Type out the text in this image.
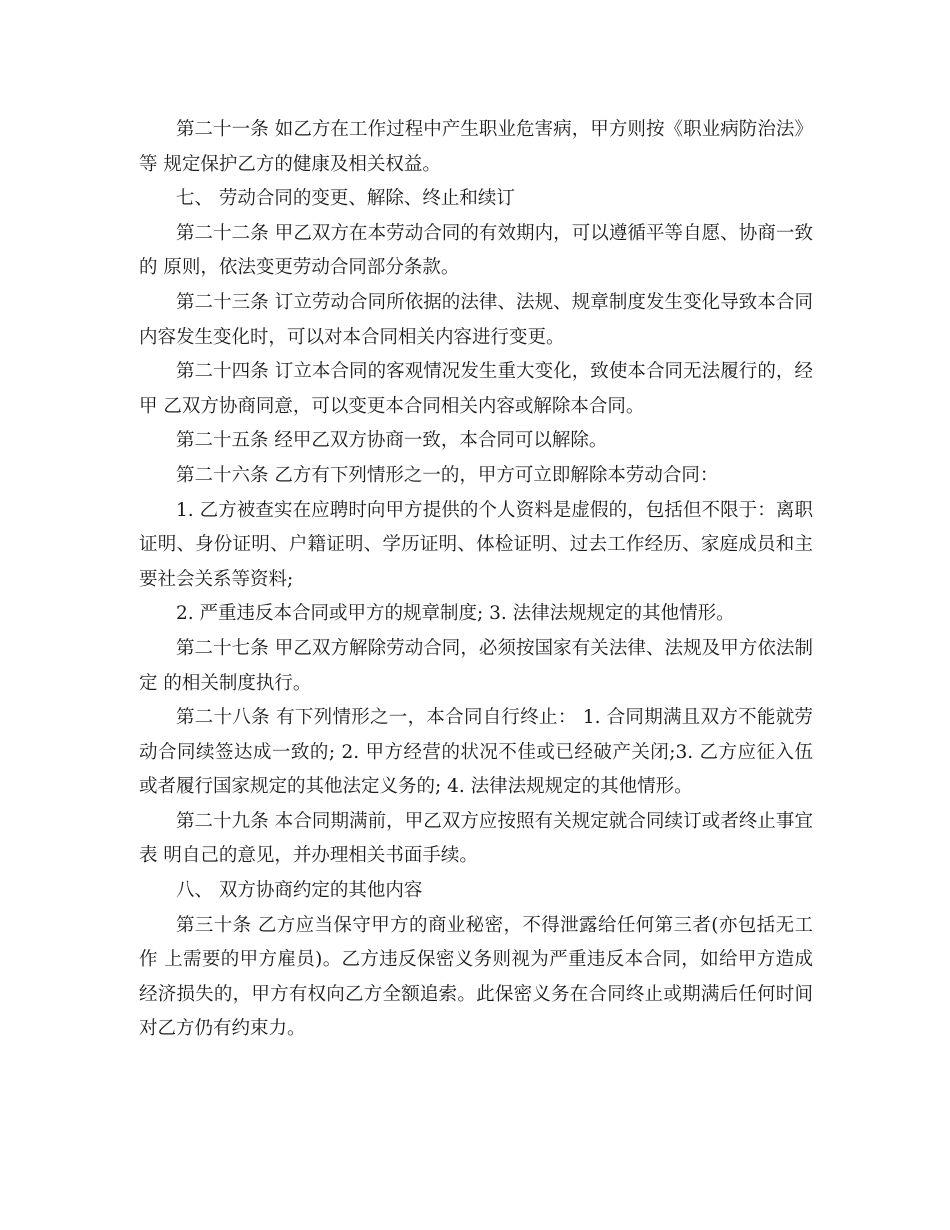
第二十一条 如乙方在工作过程中产生职业危害病，甲方则按《职业病防治法》等 规定保护乙方的健康及相关权益。

七、 劳动合同的变更、解除、终止和续订

第二十二条 甲乙双方在本劳动合同的有效期内，可以遵循平等自愿、协商一致的 原则，依法变更劳动合同部分条款。

第二十三条 订立劳动合同所依据的法律、法规、规章制度发生变化导致本合同内容发生变化时，可以对本合同相关内容进行变更。

第二十四条 订立本合同的客观情况发生重大变化，致使本合同无法履行的，经甲 乙双方协商同意，可以变更本合同相关内容或解除本合同。

第二十五条 经甲乙双方协商一致，本合同可以解除。

第二十六条 乙方有下列情形之一的，甲方可立即解除本劳动合同：

1. 乙方被查实在应聘时向甲方提供的个人资料是虚假的，包括但不限于：离职证明、身份证明、户籍证明、学历证明、体检证明、过去工作经历、家庭成员和主要社会关系等资料;

2. 严重违反本合同或甲方的规章制度; 3. 法律法规规定的其他情形。

第二十七条 甲乙双方解除劳动合同，必须按国家有关法律、法规及甲方依法制定 的相关制度执行。

第二十八条 有下列情形之一，本合同自行终止： 1. 合同期满且双方不能就劳动合同续签达成一致的; 2. 甲方经营的状况不佳或已经破产关闭;3. 乙方应征入伍或者履行国家规定的其他法定义务的; 4. 法律法规规定的其他情形。

第二十九条 本合同期满前，甲乙双方应按照有关规定就合同续订或者终止事宜表 明自己的意见，并办理相关书面手续。

八、 双方协商约定的其他内容

第三十条 乙方应当保守甲方的商业秘密，不得泄露给任何第三者(亦包括无工作 上需要的甲方雇员)。乙方违反保密义务则视为严重违反本合同，如给甲方造成经济损失的，甲方有权向乙方全额追索。此保密义务在合同终止或期满后任何时间对乙方仍有约束力。
